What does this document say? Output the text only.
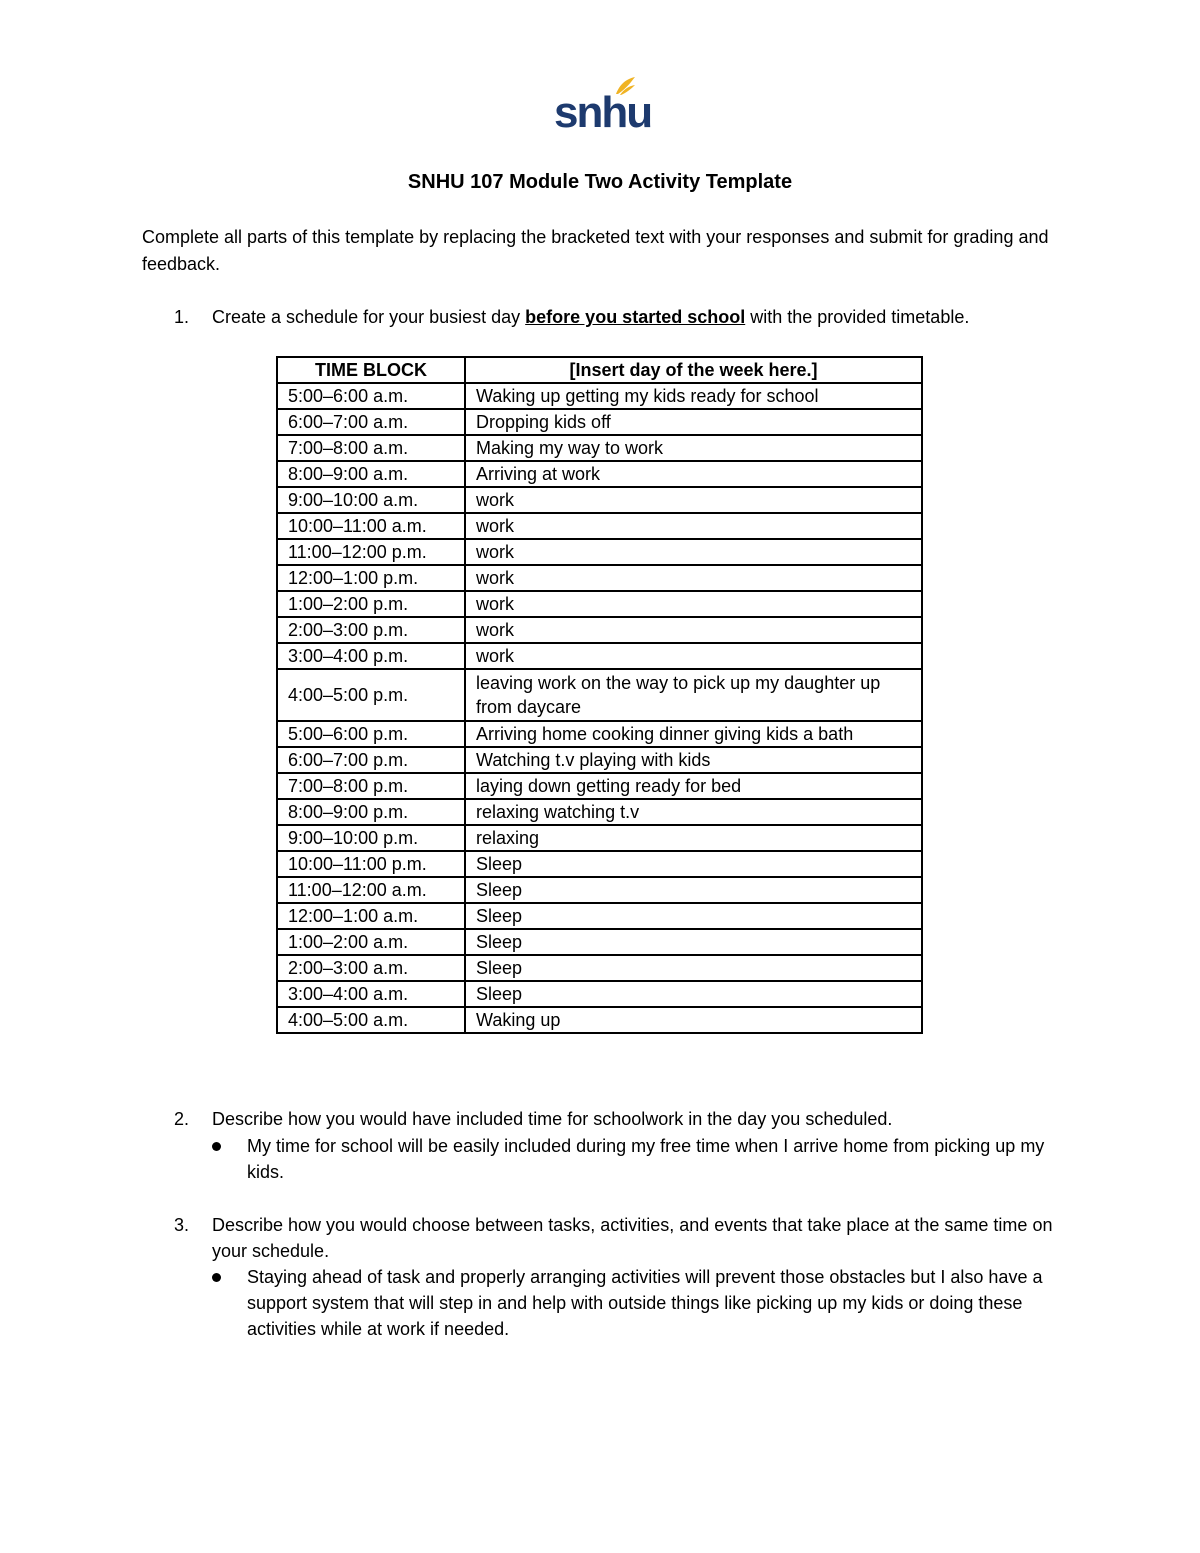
snhu
SNHU 107 Module Two Activity Template
Complete all parts of this template by replacing the bracketed text with your responses and submit for grading and feedback.
1. Create a schedule for your busiest day before you started school with the provided timetable.
TIME BLOCK	[Insert day of the week here.]
5:00–6:00 a.m.	Waking up getting my kids ready for school
6:00–7:00 a.m.	Dropping kids off
7:00–8:00 a.m.	Making my way to work
8:00–9:00 a.m.	Arriving at work
9:00–10:00 a.m.	work
10:00–11:00 a.m.	work
11:00–12:00 p.m.	work
12:00–1:00 p.m.	work
1:00–2:00 p.m.	work
2:00–3:00 p.m.	work
3:00–4:00 p.m.	work
4:00–5:00 p.m.	leaving work on the way to pick up my daughter up from daycare
5:00–6:00 p.m.	Arriving home cooking dinner giving kids a bath
6:00–7:00 p.m.	Watching t.v playing with kids
7:00–8:00 p.m.	laying down getting ready for bed
8:00–9:00 p.m.	relaxing watching t.v
9:00–10:00 p.m.	relaxing
10:00–11:00 p.m.	Sleep
11:00–12:00 a.m.	Sleep
12:00–1:00 a.m.	Sleep
1:00–2:00 a.m.	Sleep
2:00–3:00 a.m.	Sleep
3:00–4:00 a.m.	Sleep
4:00–5:00 a.m.	Waking up
2. Describe how you would have included time for schoolwork in the day you scheduled.
My time for school will be easily included during my free time when I arrive home from picking up my kids.
3. Describe how you would choose between tasks, activities, and events that take place at the same time on your schedule.
Staying ahead of task and properly arranging activities will prevent those obstacles but I also have a support system that will step in and help with outside things like picking up my kids or doing these activities while at work if needed.
